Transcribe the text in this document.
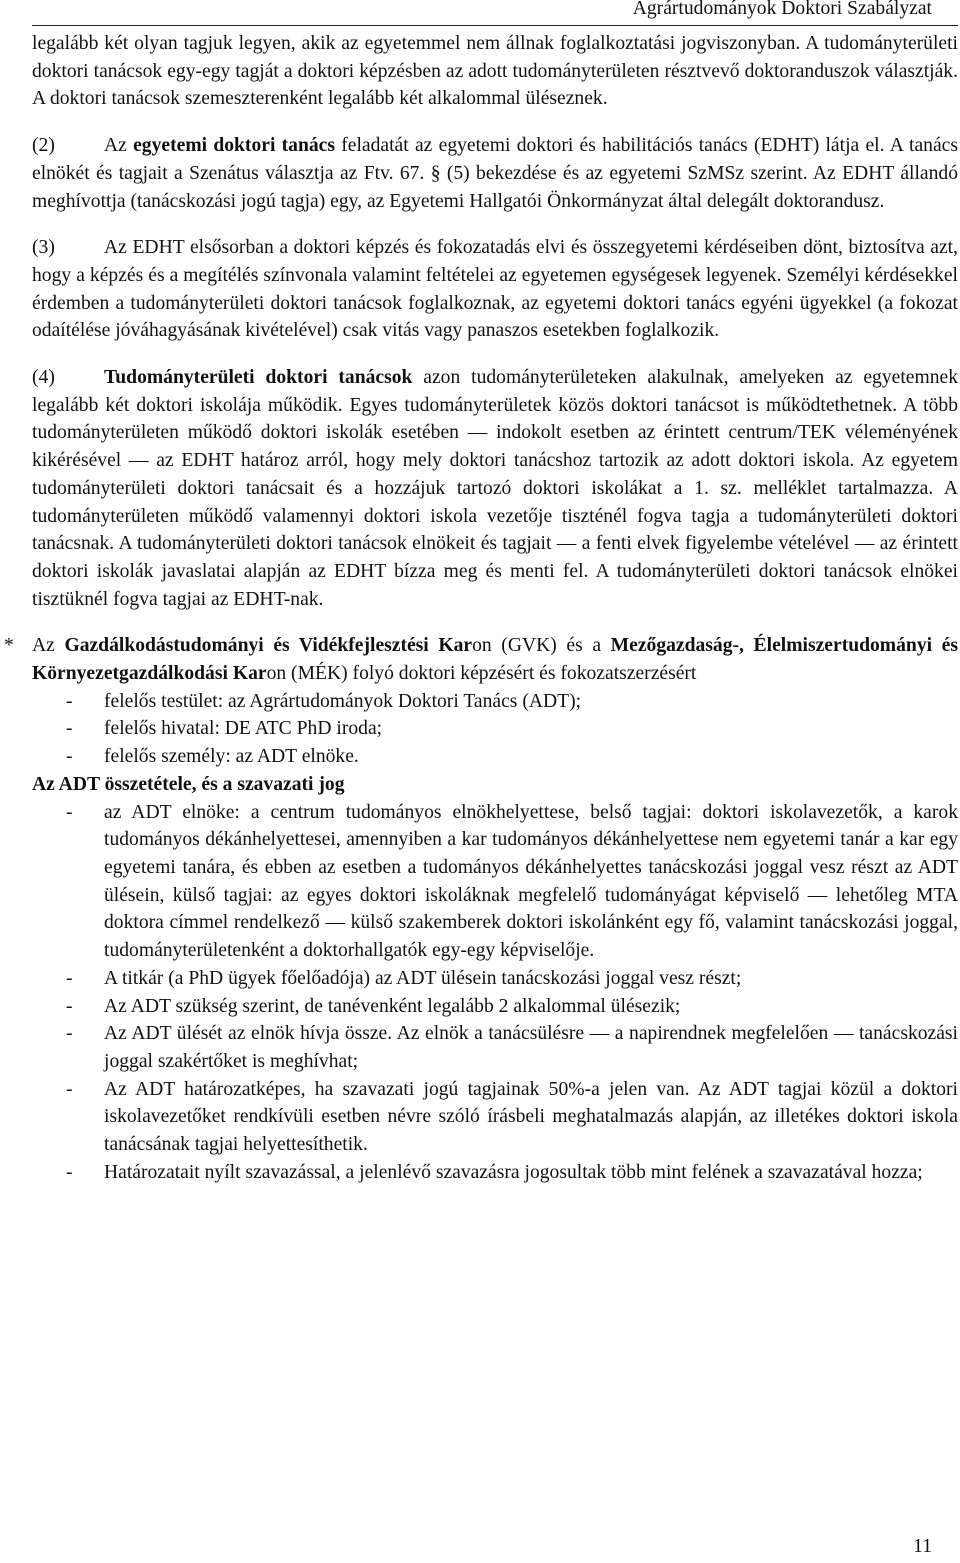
Agrártudományok Doktori Szabályzat

legalább két olyan tagjuk legyen, akik az egyetemmel nem állnak foglalkoztatási jogviszonyban. A tudományterületi doktori tanácsok egy-egy tagját a doktori képzésben az adott tudományterületen résztvevő doktoranduszok választják. A doktori tanácsok szemeszterenként legalább két alkalommal üléseznek.

(2)	Az egyetemi doktori tanács feladatát az egyetemi doktori és habilitációs tanács (EDHT) látja el. A tanács elnökét és tagjait a Szenátus választja az Ftv. 67. § (5) bekezdése és az egyetemi SzMSz szerint. Az EDHT állandó meghívottja (tanácskozási jogú tagja) egy, az Egyetemi Hallgatói Önkormányzat által delegált doktorandusz.

(3)	Az EDHT elsősorban a doktori képzés és fokozatadás elvi és összegyetemi kérdéseiben dönt, biztosítva azt, hogy a képzés és a megítélés színvonala valamint feltételei az egyetemen egységesek legyenek. Személyi kérdésekkel érdemben a tudományterületi doktori tanácsok foglalkoznak, az egyetemi doktori tanács egyéni ügyekkel (a fokozat odaítélése jóváhagyásának kivételével) csak vitás vagy panaszos esetekben foglalkozik.

(4)	Tudományterületi doktori tanácsok azon tudományterületeken alakulnak, amelyeken az egyetemnek legalább két doktori iskolája működik. Egyes tudományterületek közös doktori tanácsot is működtethetnek. A több tudományterületen működő doktori iskolák esetében — indokolt esetben az érintett centrum/TEK véleményének kikérésével — az EDHT határoz arról, hogy mely doktori tanácshoz tartozik az adott doktori iskola. Az egyetem tudományterületi doktori tanácsait és a hozzájuk tartozó doktori iskolákat a 1. sz. melléklet tartalmazza. A tudományterületen működő valamennyi doktori iskola vezetője tiszténél fogva tagja a tudományterületi doktori tanácsnak. A tudományterületi doktori tanácsok elnökeit és tagjait — a fenti elvek figyelembe vételével — az érintett doktori iskolák javaslatai alapján az EDHT bízza meg és menti fel. A tudományterületi doktori tanácsok elnökei tisztüknél fogva tagjai az EDHT-nak.

* Az Gazdálkodástudományi és Vidékfejlesztési Karon (GVK) és a Mezőgazdaság-, Élelmiszertudományi és Környezetgazdálkodási Karon (MÉK) folyó doktori képzésért és fokozatszerzésért

- felelős testület: az Agrártudományok Doktori Tanács (ADT);
- felelős hivatal: DE ATC PhD iroda;
- felelős személy: az ADT elnöke.

Az ADT összetétele, és a szavazati jog

- az ADT elnöke: a centrum tudományos elnökhelyettese, belső tagjai: doktori iskolavezetők, a karok tudományos dékánhelyettesei, amennyiben a kar tudományos dékánhelyettese nem egyetemi tanár a kar egy egyetemi tanára, és ebben az esetben a tudományos dékánhelyettes tanácskozási joggal vesz részt az ADT ülésein, külső tagjai: az egyes doktori iskoláknak megfelelő tudományágat képviselő — lehetőleg MTA doktora címmel rendelkező — külső szakemberek doktori iskolánként egy fő, valamint tanácskozási joggal, tudományterületenként a doktorhallgatók egy-egy képviselője.
- A titkár (a PhD ügyek főelőadója) az ADT ülésein tanácskozási joggal vesz részt;
- Az ADT szükség szerint, de tanévenként legalább 2 alkalommal ülésezik;
- Az ADT ülését az elnök hívja össze. Az elnök a tanácsülésre — a napirendnek megfelelően — tanácskozási joggal szakértőket is meghívhat;
- Az ADT határozatképes, ha szavazati jogú tagjainak 50%-a jelen van. Az ADT tagjai közül a doktori iskolavezetőket rendkívüli esetben névre szóló írásbeli meghatalmazás alapján, az illetékes doktori iskola tanácsának tagjai helyettesíthetik.
- Határozatait nyílt szavazással, a jelenlévő szavazásra jogosultak több mint felének a szavazatával hozza;
11
